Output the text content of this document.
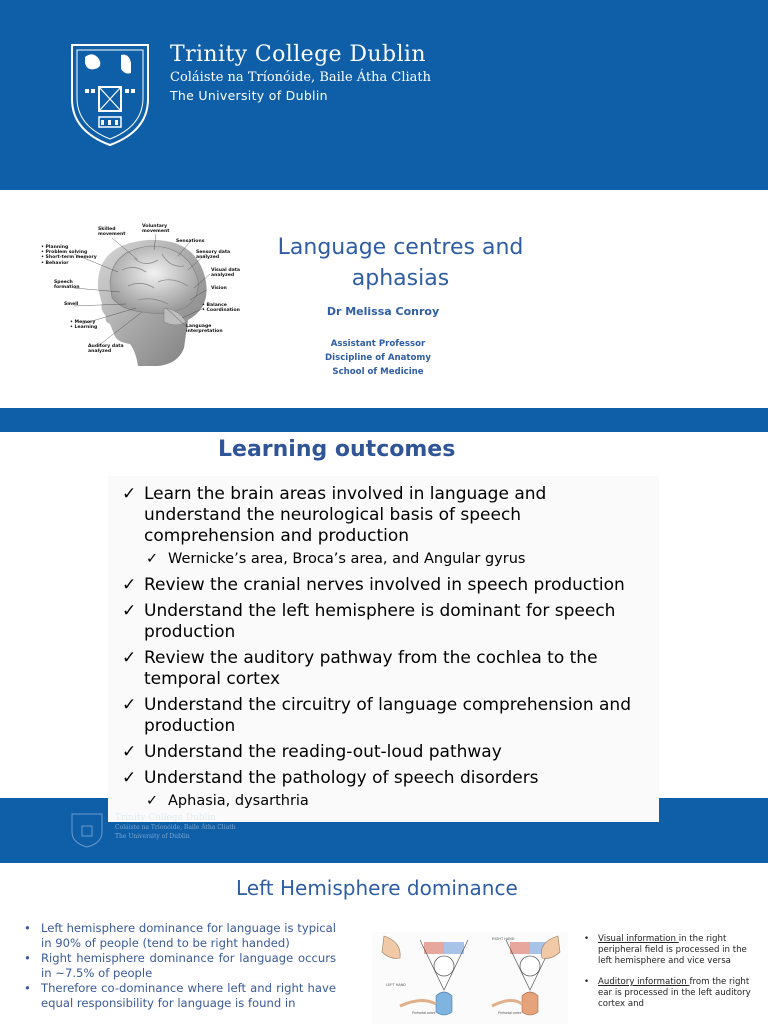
Trinity College Dublin
Coláiste na Tríonóide, Baile Átha Cliath
The University of Dublin
Skilled
movement
Voluntary
movement
Sensations
• Planning
• Problem solving
• Short-term memory
• Behavior
Sensory data
analyzed
Visual data
analyzed
Vision
Speech
formation
Smell	• Balance
• Coordination
• Memory
• Learning	Language
interpretation
Auditory data
analyzed
Language centres and
aphasias
Dr Melissa Conroy
Assistant Professor
Discipline of Anatomy
School of Medicine
Learning outcomes
✓ Learn the brain areas involved in language and
understand the neurological basis of speech
comprehension and production
✓ Wernicke’s area, Broca’s area, and Angular gyrus
✓ Review the cranial nerves involved in speech production
✓ Understand the left hemisphere is dominant for speech
production
✓ Review the auditory pathway from the cochlea to the
temporal cortex
✓ Understand the circuitry of language comprehension and
production
✓ Understand the reading-out-loud pathway
✓ Understand the pathology of speech disorders
✓ Aphasia, dysarthria
Trinity College Dublin
Coláiste na Tríonóide, Baile Átha Cliath
The University of Dublin
Left Hemisphere dominance
• Left hemisphere dominance for language is typical in 90% of people (tend to be right handed)
• Right hemisphere dominance for language occurs in ~7.5% of people
• Therefore co-dominance where left and right have equal responsibility for language is found in
LEFT HAND
RIGHT HAND
Prefrontal cortex	Prefrontal cortex
• Visual information in the right peripheral field is processed in the left hemisphere and vice versa
• Auditory information from the right ear is processed in the left auditory cortex and
